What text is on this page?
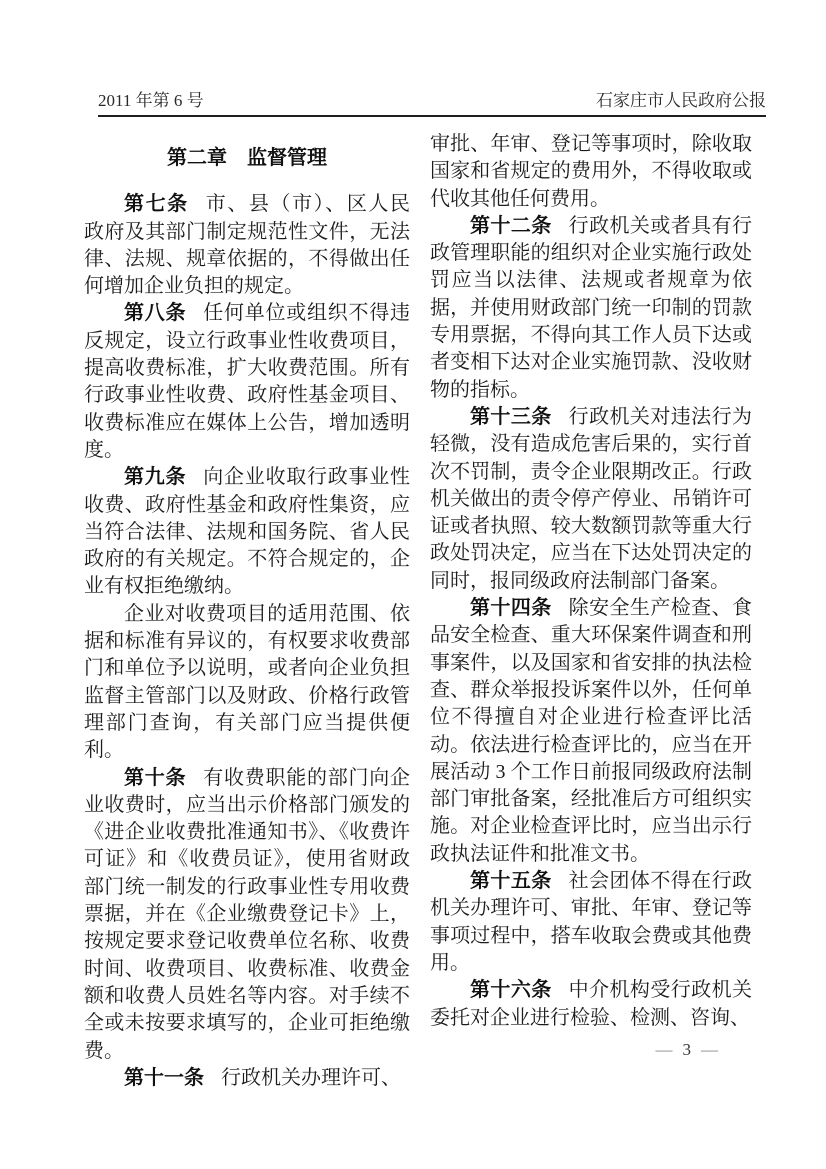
2011 年第 6 号	石家庄市人民政府公报
第二章　监督管理

第七条 市、县（市）、区人民政府及其部门制定规范性文件，无法律、法规、规章依据的，不得做出任何增加企业负担的规定。

第八条 任何单位或组织不得违反规定，设立行政事业性收费项目，提高收费标准，扩大收费范围。所有行政事业性收费、政府性基金项目、收费标准应在媒体上公告，增加透明度。

第九条 向企业收取行政事业性收费、政府性基金和政府性集资，应当符合法律、法规和国务院、省人民政府的有关规定。不符合规定的，企业有权拒绝缴纳。

企业对收费项目的适用范围、依据和标准有异议的，有权要求收费部门和单位予以说明，或者向企业负担监督主管部门以及财政、价格行政管理部门查询，有关部门应当提供便利。

第十条 有收费职能的部门向企业收费时，应当出示价格部门颁发的《进企业收费批准通知书》、《收费许可证》和《收费员证》，使用省财政部门统一制发的行政事业性专用收费票据，并在《企业缴费登记卡》上，按规定要求登记收费单位名称、收费时间、收费项目、收费标准、收费金额和收费人员姓名等内容。对手续不全或未按要求填写的，企业可拒绝缴费。

第十一条 行政机关办理许可、

审批、年审、登记等事项时，除收取国家和省规定的费用外，不得收取或代收其他任何费用。

第十二条 行政机关或者具有行政管理职能的组织对企业实施行政处罚应当以法律、法规或者规章为依据，并使用财政部门统一印制的罚款专用票据，不得向其工作人员下达或者变相下达对企业实施罚款、没收财物的指标。

第十三条 行政机关对违法行为轻微，没有造成危害后果的，实行首次不罚制，责令企业限期改正。行政机关做出的责令停产停业、吊销许可证或者执照、较大数额罚款等重大行政处罚决定，应当在下达处罚决定的同时，报同级政府法制部门备案。

第十四条 除安全生产检查、食品安全检查、重大环保案件调查和刑事案件，以及国家和省安排的执法检查、群众举报投诉案件以外，任何单位不得擅自对企业进行检查评比活动。依法进行检查评比的，应当在开展活动 3 个工作日前报同级政府法制部门审批备案，经批准后方可组织实施。对企业检查评比时，应当出示行政执法证件和批准文书。

第十五条 社会团体不得在行政机关办理许可、审批、年审、登记等事项过程中，搭车收取会费或其他费用。

第十六条 中介机构受行政机关委托对企业进行检验、检测、咨询、

— 3 —
